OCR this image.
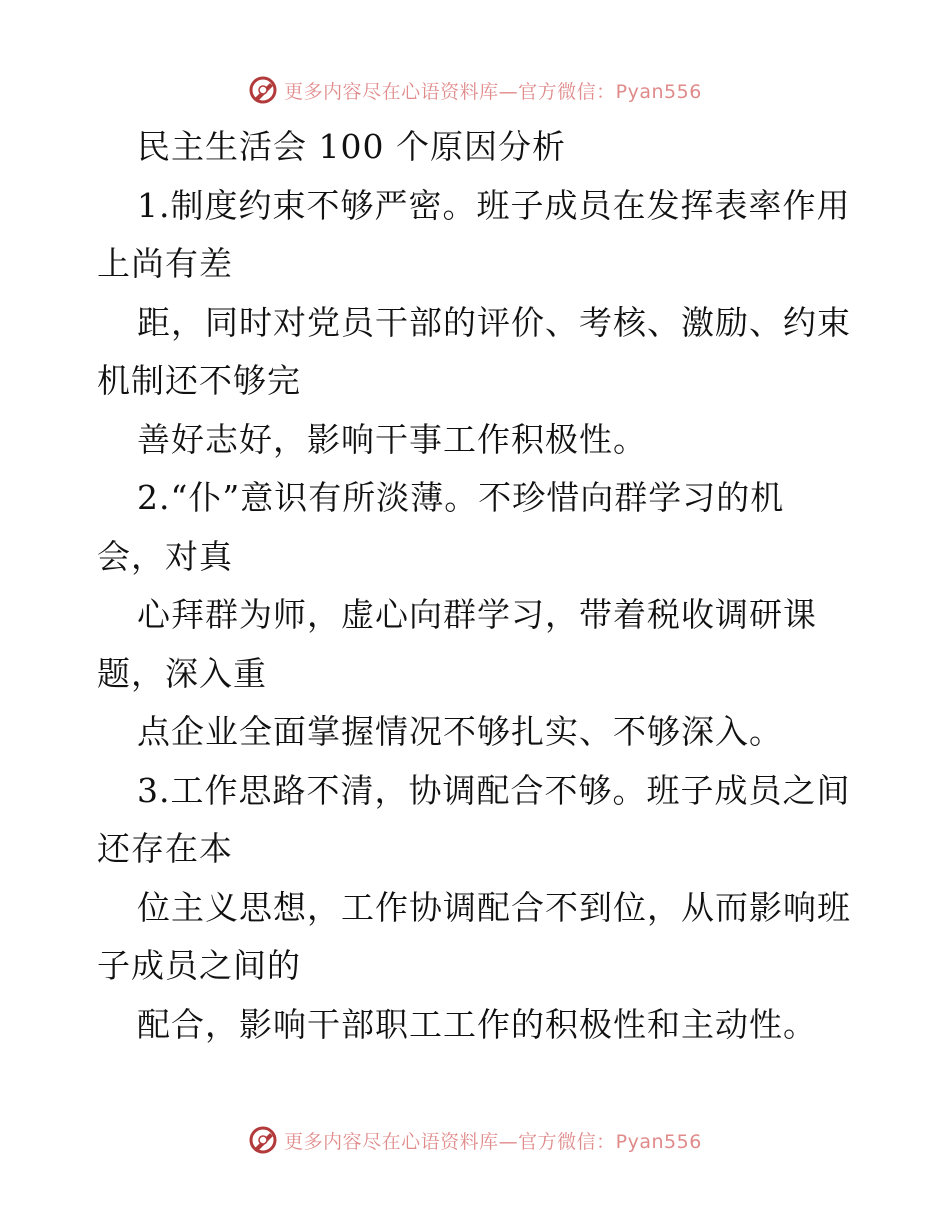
更多内容尽在心语资料库—官方微信：Pyan556
民主生活会 100 个原因分析
1.制度约束不够严密。班子成员在发挥表率作用
上尚有差
距，同时对党员干部的评价、考核、激励、约束
机制还不够完
善好志好，影响干事工作积极性。
2.“仆”意识有所淡薄。不珍惜向群学习的机
会，对真
心拜群为师，虚心向群学习，带着税收调研课
题，深入重
点企业全面掌握情况不够扎实、不够深入。
3.工作思路不清，协调配合不够。班子成员之间
还存在本
位主义思想，工作协调配合不到位，从而影响班
子成员之间的
配合，影响干部职工工作的积极性和主动性。
更多内容尽在心语资料库—官方微信：Pyan556
